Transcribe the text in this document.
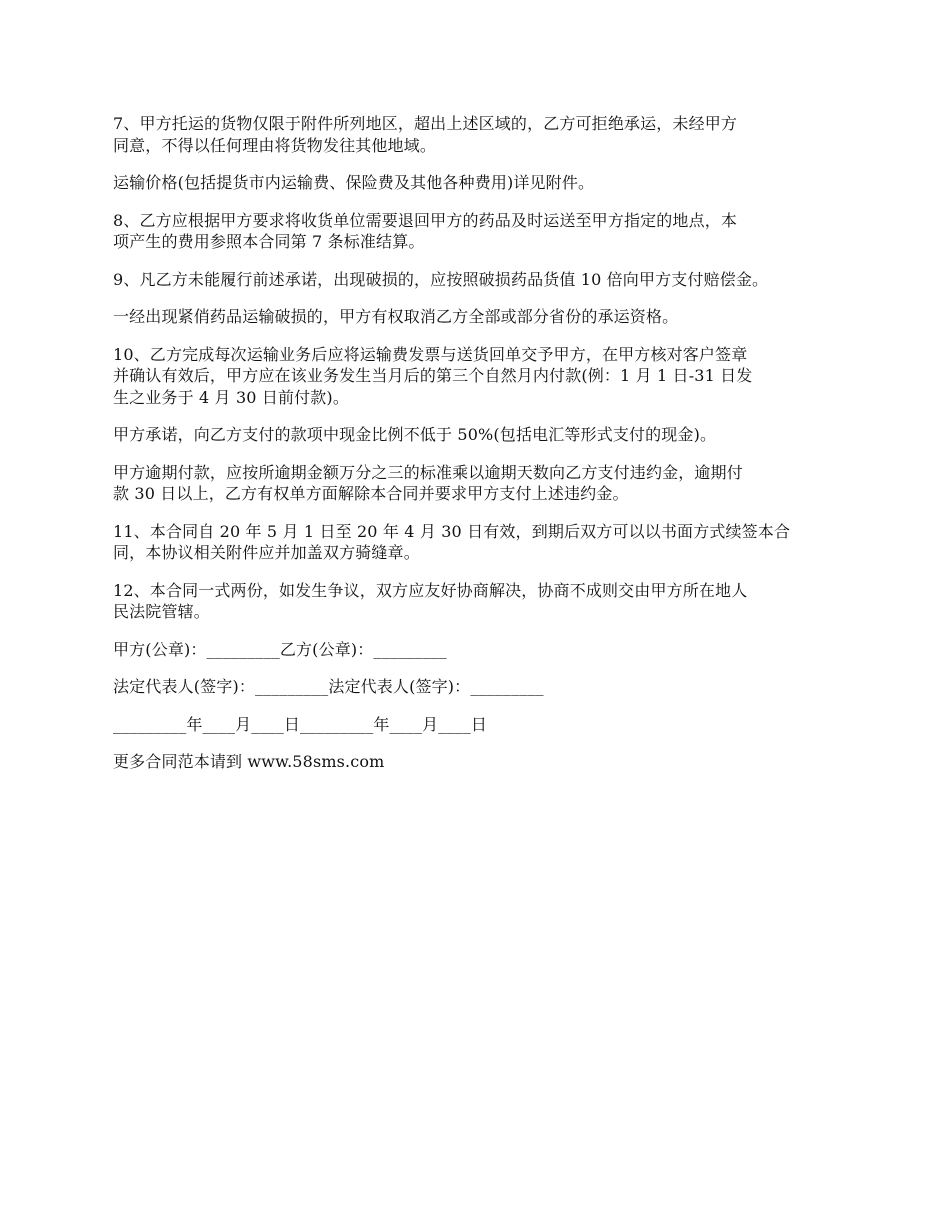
7、甲方托运的货物仅限于附件所列地区，超出上述区域的，乙方可拒绝承运，未经甲方
同意，不得以任何理由将货物发往其他地域。

运输价格(包括提货市内运输费、保险费及其他各种费用)详见附件。

8、乙方应根据甲方要求将收货单位需要退回甲方的药品及时运送至甲方指定的地点，本
项产生的费用参照本合同第 7 条标准结算。

9、凡乙方未能履行前述承诺，出现破损的，应按照破损药品货值 10 倍向甲方支付赔偿金。

一经出现紧俏药品运输破损的，甲方有权取消乙方全部或部分省份的承运资格。

10、乙方完成每次运输业务后应将运输费发票与送货回单交予甲方，在甲方核对客户签章
并确认有效后，甲方应在该业务发生当月后的第三个自然月内付款(例：1 月 1 日-31 日发
生之业务于 4 月 30 日前付款)。

甲方承诺，向乙方支付的款项中现金比例不低于 50%(包括电汇等形式支付的现金)。

甲方逾期付款，应按所逾期金额万分之三的标准乘以逾期天数向乙方支付违约金，逾期付
款 30 日以上，乙方有权单方面解除本合同并要求甲方支付上述违约金。

11、本合同自 20 年 5 月 1 日至 20 年 4 月 30 日有效，到期后双方可以以书面方式续签本合
同，本协议相关附件应并加盖双方骑缝章。

12、本合同一式两份，如发生争议，双方应友好协商解决，协商不成则交由甲方所在地人
民法院管辖。

甲方(公章)：_________乙方(公章)：_________

法定代表人(签字)：_________法定代表人(签字)：_________

_________年____月____日_________年____月____日

更多合同范本请到 www.58sms.com
